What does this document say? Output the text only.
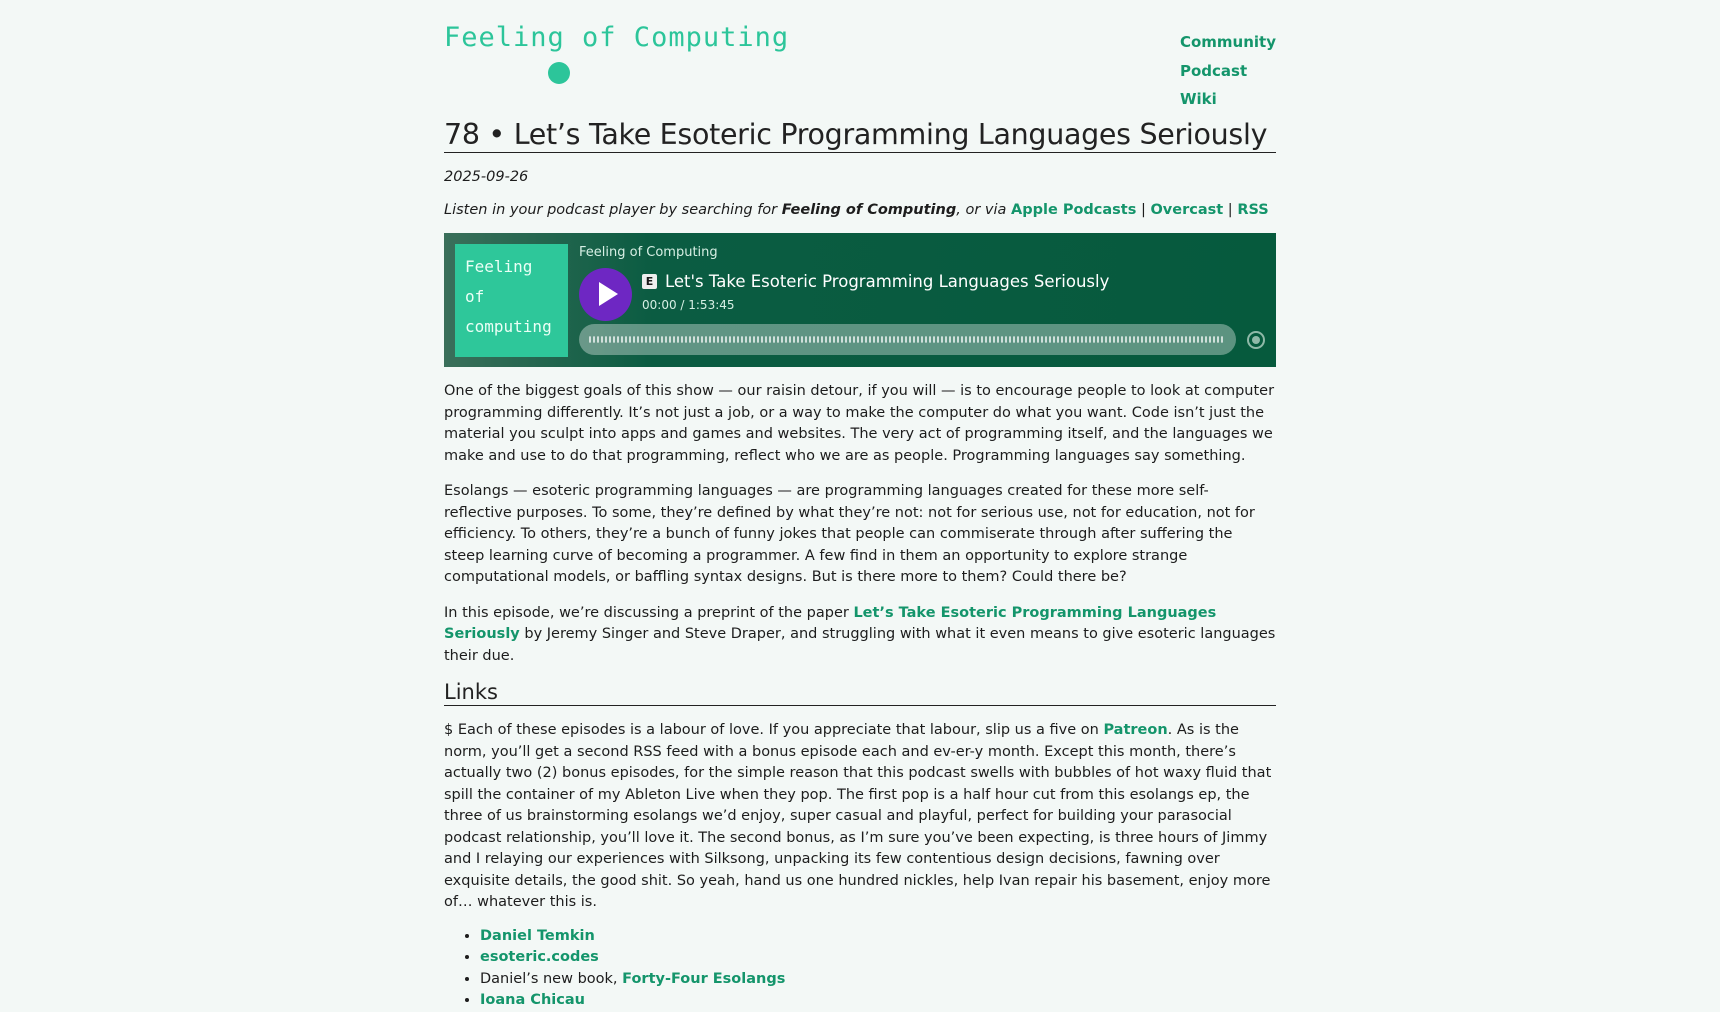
Feeling of Computing	Community
Podcast
Wiki
78 • Let’s Take Esoteric Programming Languages Seriously
2025-09-26
Listen in your podcast player by searching for Feeling of Computing, or via Apple Podcasts | Overcast | RSS
Feeling
of
computing
Feeling of Computing
E Let's Take Esoteric Programming Languages Seriously
00:00 / 1:53:45

One of the biggest goals of this show — our raisin detour, if you will — is to encourage people to look at computer programming differently. It’s not just a job, or a way to make the computer do what you want. Code isn’t just the material you sculpt into apps and games and websites. The very act of programming itself, and the languages we make and use to do that programming, reflect who we are as people. Programming languages say something.

Esolangs — esoteric programming languages — are programming languages created for these more self-reflective purposes. To some, they’re defined by what they’re not: not for serious use, not for education, not for efficiency. To others, they’re a bunch of funny jokes that people can commiserate through after suffering the steep learning curve of becoming a programmer. A few find in them an opportunity to explore strange computational models, or baffling syntax designs. But is there more to them? Could there be?

In this episode, we’re discussing a preprint of the paper Let’s Take Esoteric Programming Languages Seriously by Jeremy Singer and Steve Draper, and struggling with what it even means to give esoteric languages their due.

Links

$ Each of these episodes is a labour of love. If you appreciate that labour, slip us a five on Patreon. As is the norm, you’ll get a second RSS feed with a bonus episode each and ev-er-y month. Except this month, there’s actually two (2) bonus episodes, for the simple reason that this podcast swells with bubbles of hot waxy fluid that spill the container of my Ableton Live when they pop. The first pop is a half hour cut from this esolangs ep, the three of us brainstorming esolangs we’d enjoy, super casual and playful, perfect for building your parasocial podcast relationship, you’ll love it. The second bonus, as I’m sure you’ve been expecting, is three hours of Jimmy and I relaying our experiences with Silksong, unpacking its few contentious design decisions, fawning over exquisite details, the good shit. So yeah, hand us one hundred nickles, help Ivan repair his basement, enjoy more of… whatever this is.

• Daniel Temkin
• esoteric.codes
• Daniel’s new book, Forty-Four Esolangs
• Ioana Chicau
